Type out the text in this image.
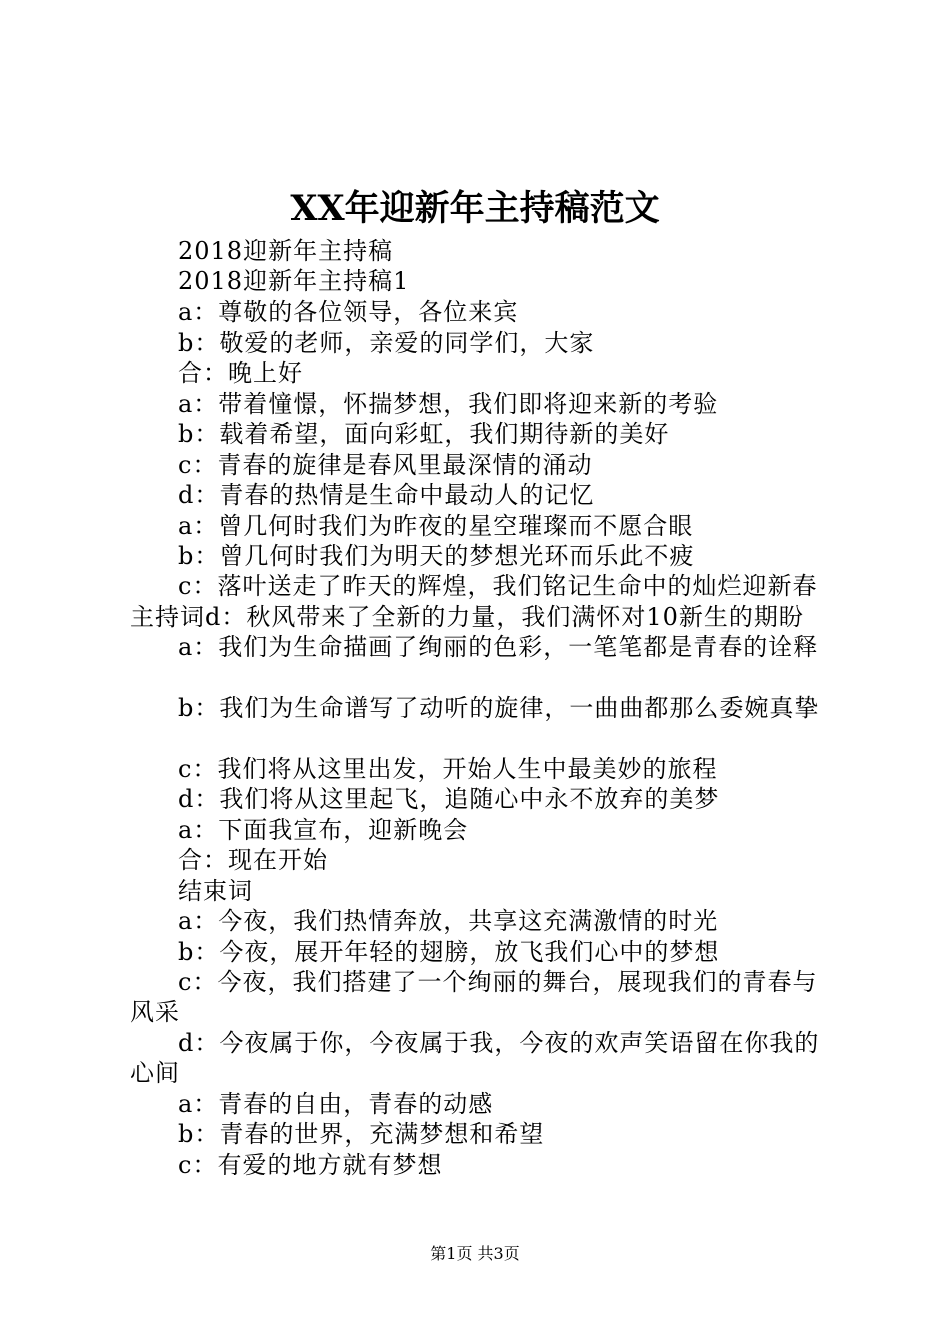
XX年迎新年主持稿范文

2018迎新年主持稿

2018迎新年主持稿1

a：尊敬的各位领导，各位来宾

b：敬爱的老师，亲爱的同学们，大家

合：晚上好

a：带着憧憬，怀揣梦想，我们即将迎来新的考验

b：载着希望，面向彩虹，我们期待新的美好

c：青春的旋律是春风里最深情的涌动

d：青春的热情是生命中最动人的记忆

a：曾几何时我们为昨夜的星空璀璨而不愿合眼

b：曾几何时我们为明天的梦想光环而乐此不疲

c：落叶送走了昨天的辉煌，我们铭记生命中的灿烂迎新春

主持词d：秋风带来了全新的力量，我们满怀对10新生的期盼

a：我们为生命描画了绚丽的色彩，一笔笔都是青春的诠释

b：我们为生命谱写了动听的旋律，一曲曲都那么委婉真挚

c：我们将从这里出发，开始人生中最美妙的旅程

d：我们将从这里起飞，追随心中永不放弃的美梦

a：下面我宣布，迎新晚会

合：现在开始

结束词

a：今夜，我们热情奔放，共享这充满激情的时光

b：今夜，展开年轻的翅膀，放飞我们心中的梦想

c：今夜，我们搭建了一个绚丽的舞台，展现我们的青春与

风采

d：今夜属于你，今夜属于我，今夜的欢声笑语留在你我的

心间

a：青春的自由，青春的动感

b：青春的世界，充满梦想和希望

c：有爱的地方就有梦想

第1页 共3页
